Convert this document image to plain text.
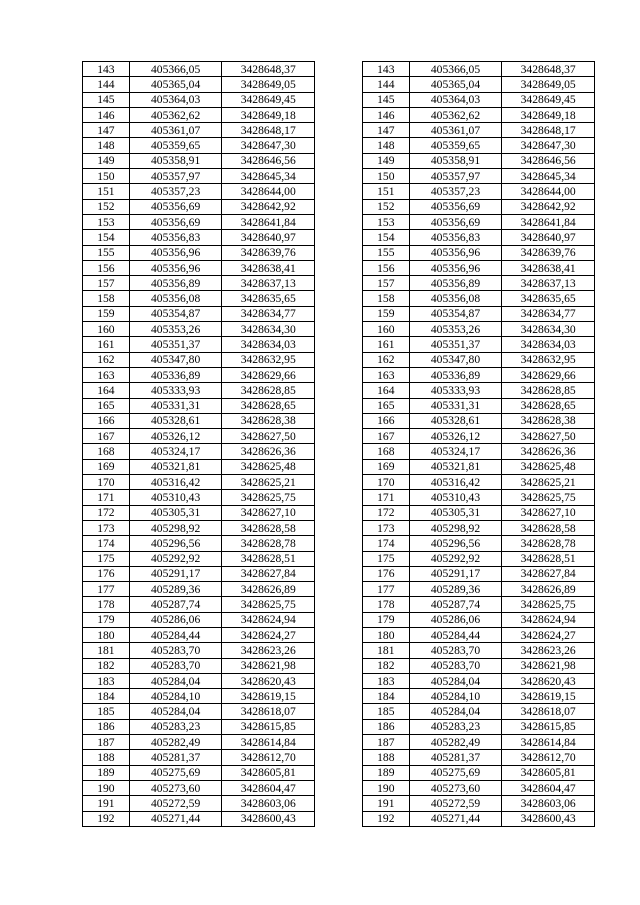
143	405366,05	3428648,37		143	405366,05	3428648,37
144	405365,04	3428649,05		144	405365,04	3428649,05
145	405364,03	3428649,45		145	405364,03	3428649,45
146	405362,62	3428649,18		146	405362,62	3428649,18
147	405361,07	3428648,17		147	405361,07	3428648,17
148	405359,65	3428647,30		148	405359,65	3428647,30
149	405358,91	3428646,56		149	405358,91	3428646,56
150	405357,97	3428645,34		150	405357,97	3428645,34
151	405357,23	3428644,00		151	405357,23	3428644,00
152	405356,69	3428642,92		152	405356,69	3428642,92
153	405356,69	3428641,84		153	405356,69	3428641,84
154	405356,83	3428640,97		154	405356,83	3428640,97
155	405356,96	3428639,76		155	405356,96	3428639,76
156	405356,96	3428638,41		156	405356,96	3428638,41
157	405356,89	3428637,13		157	405356,89	3428637,13
158	405356,08	3428635,65		158	405356,08	3428635,65
159	405354,87	3428634,77		159	405354,87	3428634,77
160	405353,26	3428634,30		160	405353,26	3428634,30
161	405351,37	3428634,03		161	405351,37	3428634,03
162	405347,80	3428632,95		162	405347,80	3428632,95
163	405336,89	3428629,66		163	405336,89	3428629,66
164	405333,93	3428628,85		164	405333,93	3428628,85
165	405331,31	3428628,65		165	405331,31	3428628,65
166	405328,61	3428628,38		166	405328,61	3428628,38
167	405326,12	3428627,50		167	405326,12	3428627,50
168	405324,17	3428626,36		168	405324,17	3428626,36
169	405321,81	3428625,48		169	405321,81	3428625,48
170	405316,42	3428625,21		170	405316,42	3428625,21
171	405310,43	3428625,75		171	405310,43	3428625,75
172	405305,31	3428627,10		172	405305,31	3428627,10
173	405298,92	3428628,58		173	405298,92	3428628,58
174	405296,56	3428628,78		174	405296,56	3428628,78
175	405292,92	3428628,51		175	405292,92	3428628,51
176	405291,17	3428627,84		176	405291,17	3428627,84
177	405289,36	3428626,89		177	405289,36	3428626,89
178	405287,74	3428625,75		178	405287,74	3428625,75
179	405286,06	3428624,94		179	405286,06	3428624,94
180	405284,44	3428624,27		180	405284,44	3428624,27
181	405283,70	3428623,26		181	405283,70	3428623,26
182	405283,70	3428621,98		182	405283,70	3428621,98
183	405284,04	3428620,43		183	405284,04	3428620,43
184	405284,10	3428619,15		184	405284,10	3428619,15
185	405284,04	3428618,07		185	405284,04	3428618,07
186	405283,23	3428615,85		186	405283,23	3428615,85
187	405282,49	3428614,84		187	405282,49	3428614,84
188	405281,37	3428612,70		188	405281,37	3428612,70
189	405275,69	3428605,81		189	405275,69	3428605,81
190	405273,60	3428604,47		190	405273,60	3428604,47
191	405272,59	3428603,06		191	405272,59	3428603,06
192	405271,44	3428600,43		192	405271,44	3428600,43
